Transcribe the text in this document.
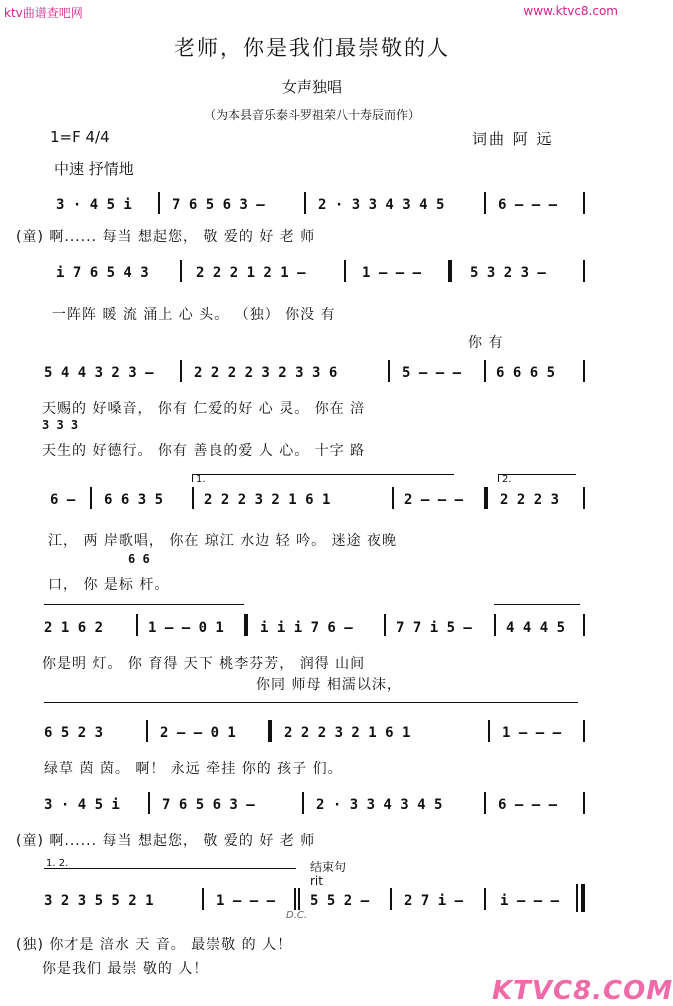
ktv曲谱查吧网	www.ktvc8.com
老师，你是我们最崇敬的人
女声独唱
（为本县音乐泰斗罗祖荣八十寿辰而作）
1=F 4/4	词曲 阿 远
中速 抒情地
3 · 4 5 i	7 6 5 6 3 –	2 · 3 3 4 3 4 5	6 – – –
(童) 啊...... 每当 想起您， 敬 爱的 好 老 师
i 7 6 5 4 3	2 2 2 1 2 1 –	1 – – –	5 3 2 3 –
一阵阵 暖 流 涌上 心 头。 （独） 你没 有
你 有
5 4 4 3 2 3 –	2 2 2 2 3 2 3 3 6	5 – – – 6 6 6 5
天赐的 好嗓音， 你有 仁爱的好 心 灵。 你在 涪
3 3 3
天生的 好德行。 你有 善良的爱 人 心。 十字 路
1.	2.
6 – 6 6 3 5	2 2 2 3 2 1 6 1	2 – – –	2 2 2 3
江， 两 岸歌唱， 你在 琼江 水边 轻 吟。 迷途 夜晚
6 6
口， 你 是标 杆。
2 1 6 2	1 – – 0 1	i i i 7 6 –	7 7 i 5 – 4 4 4 5
你是明 灯。 你 育得 天下 桃李芬芳， 润得 山间
你同 师母 相濡以沫，
6 5 2 3	2 – – 0 1	2 2 2 3 2 1 6 1	1 – – –
绿草 茵 茵。 啊！ 永远 牵挂 你的 孩子 们。
3 · 4 5 i	7 6 5 6 3 –	2 · 3 3 4 3 4 5	6 – – –
(童) 啊...... 每当 想起您， 敬 爱的 好 老 师
1. 2.	结束句
rit
D.C.
3 2 3 5 5 2 1	1 – – – 5 5 2 – 2 7 i –	i – – –
(独) 你才是 涪水 天 音。 最崇敬 的 人！
你是我们 最崇 敬的 人！
KTVC8.COM
